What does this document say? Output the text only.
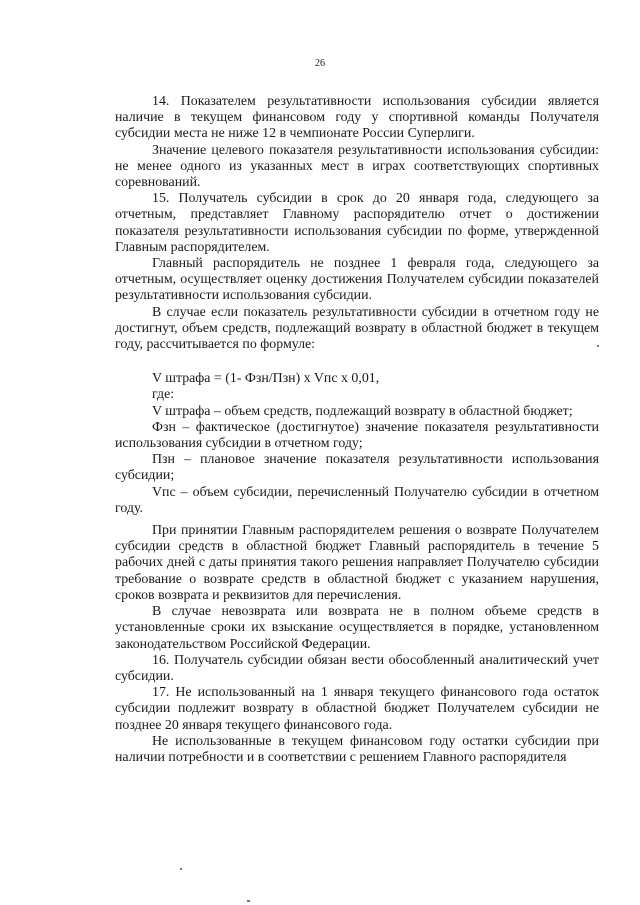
26

14. Показателем результативности использования субсидии является наличие в текущем финансовом году у спортивной команды Получателя субсидии места не ниже 12 в чемпионате России Суперлиги.

Значение целевого показателя результативности использования субсидии: не менее одного из указанных мест в играх соответствующих спортивных соревнований.

15. Получатель субсидии в срок до 20 января года, следующего за отчетным, представляет Главному распорядителю отчет о достижении показателя результативности использования субсидии по форме, утвержденной Главным распорядителем.

Главный распорядитель не позднее 1 февраля года, следующего за отчетным, осуществляет оценку достижения Получателем субсидии показателей результативности использования субсидии.

В случае если показатель результативности субсидии в отчетном году не достигнут, объем средств, подлежащий возврату в областной бюджет в текущем году, рассчитывается по формуле:

V штрафа = (1- Фзн/Пзн) x Vпс x 0,01,

где:

V штрафа – объем средств, подлежащий возврату в областной бюджет;

Фзн – фактическое (достигнутое) значение показателя результативности использования субсидии в отчетном году;

Пзн – плановое значение показателя результативности использования субсидии;

Vпс – объем субсидии, перечисленный Получателю субсидии в отчетном году.

При принятии Главным распорядителем решения о возврате Получателем субсидии средств в областной бюджет Главный распорядитель в течение 5 рабочих дней с даты принятия такого решения направляет Получателю субсидии требование о возврате средств в областной бюджет с указанием нарушения, сроков возврата и реквизитов для перечисления.

В случае невозврата или возврата не в полном объеме средств в установленные сроки их взыскание осуществляется в порядке, установленном законодательством Российской Федерации.

16. Получатель субсидии обязан вести обособленный аналитический учет субсидии.

17. Не использованный на 1 января текущего финансового года остаток субсидии подлежит возврату в областной бюджет Получателем субсидии не позднее 20 января текущего финансового года.

Не использованные в текущем финансовом году остатки субсидии при наличии потребности и в соответствии с решением Главного распорядителя
